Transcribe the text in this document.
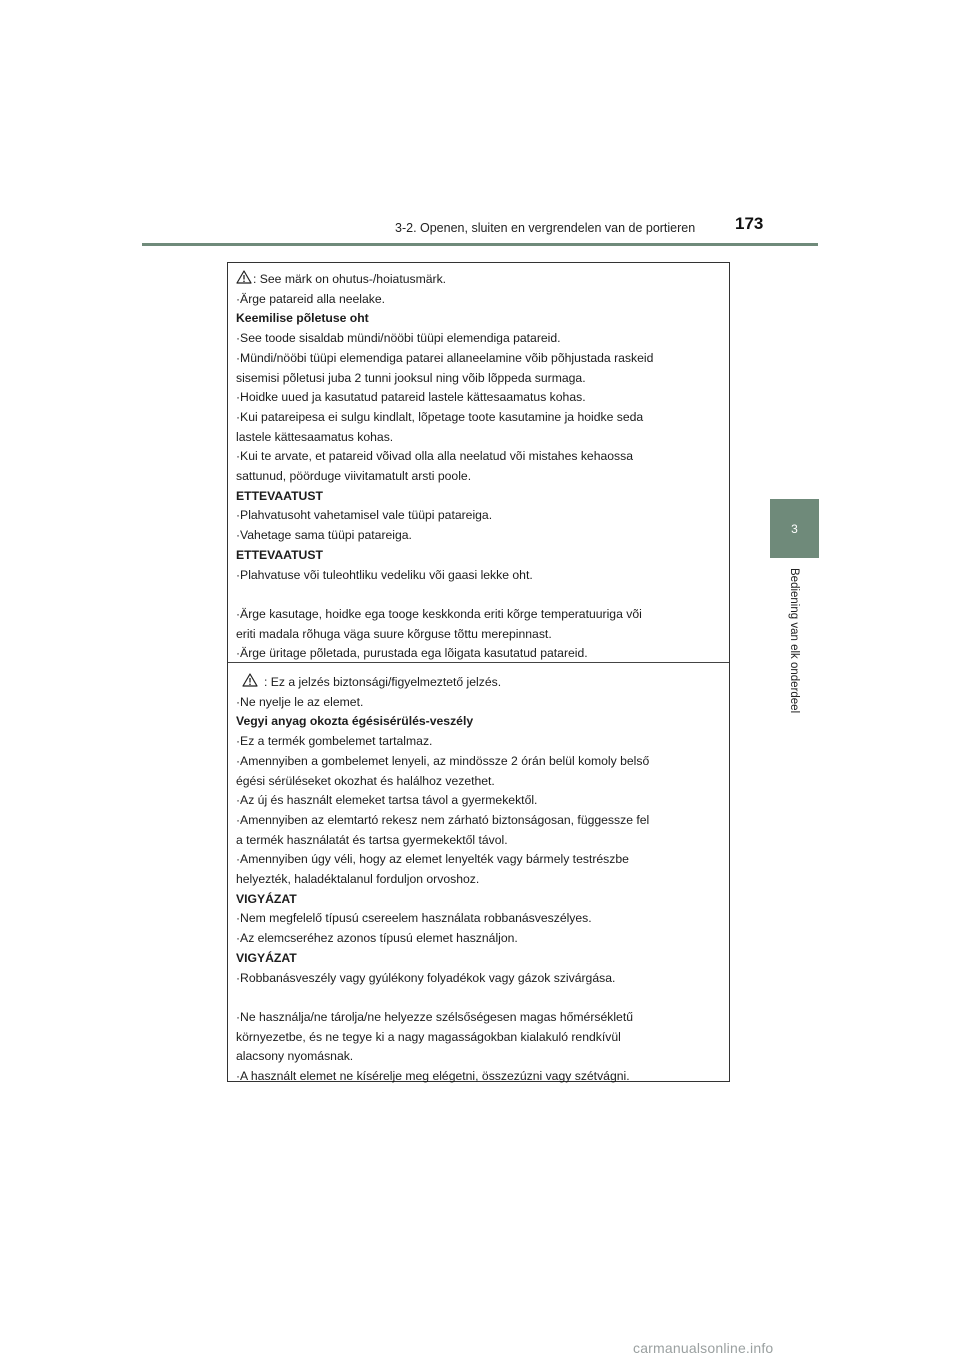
3-2. Openen, sluiten en vergrendelen van de portieren 173
3
Bediening van elk onderdeel
: See märk on ohutus-/hoiatusmärk.
·Ärge patareid alla neelake.
Keemilise põletuse oht
·See toode sisaldab mündi/nööbi tüüpi elemendiga patareid.
·Mündi/nööbi tüüpi elemendiga patarei allaneelamine võib põhjustada raskeid
sisemisi põletusi juba 2 tunni jooksul ning võib lõppeda surmaga.
·Hoidke uued ja kasutatud patareid lastele kättesaamatus kohas.
·Kui patareipesa ei sulgu kindlalt, lõpetage toote kasutamine ja hoidke seda
lastele kättesaamatus kohas.
·Kui te arvate, et patareid võivad olla alla neelatud või mistahes kehaossa
sattunud, pöörduge viivitamatult arsti poole.
ETTEVAATUST
·Plahvatusoht vahetamisel vale tüüpi patareiga.
·Vahetage sama tüüpi patareiga.
ETTEVAATUST
·Plahvatuse või tuleohtliku vedeliku või gaasi lekke oht.
·Ärge kasutage, hoidke ega tooge keskkonda eriti kõrge temperatuuriga või
eriti madala rõhuga väga suure kõrguse tõttu merepinnast.
·Ärge üritage põletada, purustada ega lõigata kasutatud patareid.
: Ez a jelzés biztonsági/figyelmeztető jelzés.
·Ne nyelje le az elemet.
Vegyi anyag okozta égésisérülés-veszély
·Ez a termék gombelemet tartalmaz.
·Amennyiben a gombelemet lenyeli, az mindössze 2 órán belül komoly belső
égési sérüléseket okozhat és halálhoz vezethet.
·Az új és használt elemeket tartsa távol a gyermekektől.
·Amennyiben az elemtartó rekesz nem zárható biztonságosan, függessze fel
a termék használatát és tartsa gyermekektől távol.
·Amennyiben úgy véli, hogy az elemet lenyelték vagy bármely testrészbe
helyezték, haladéktalanul forduljon orvoshoz.
VIGYÁZAT
·Nem megfelelő típusú csereelem használata robbanásveszélyes.
·Az elemcseréhez azonos típusú elemet használjon.
VIGYÁZAT
·Robbanásveszély vagy gyúlékony folyadékok vagy gázok szivárgása.
·Ne használja/ne tárolja/ne helyezze szélsőségesen magas hőmérsékletű
környezetbe, és ne tegye ki a nagy magasságokban kialakuló rendkívül
alacsony nyomásnak.
·A használt elemet ne kísérelje meg elégetni, összezúzni vagy szétvágni.
carmanualsonline.info
